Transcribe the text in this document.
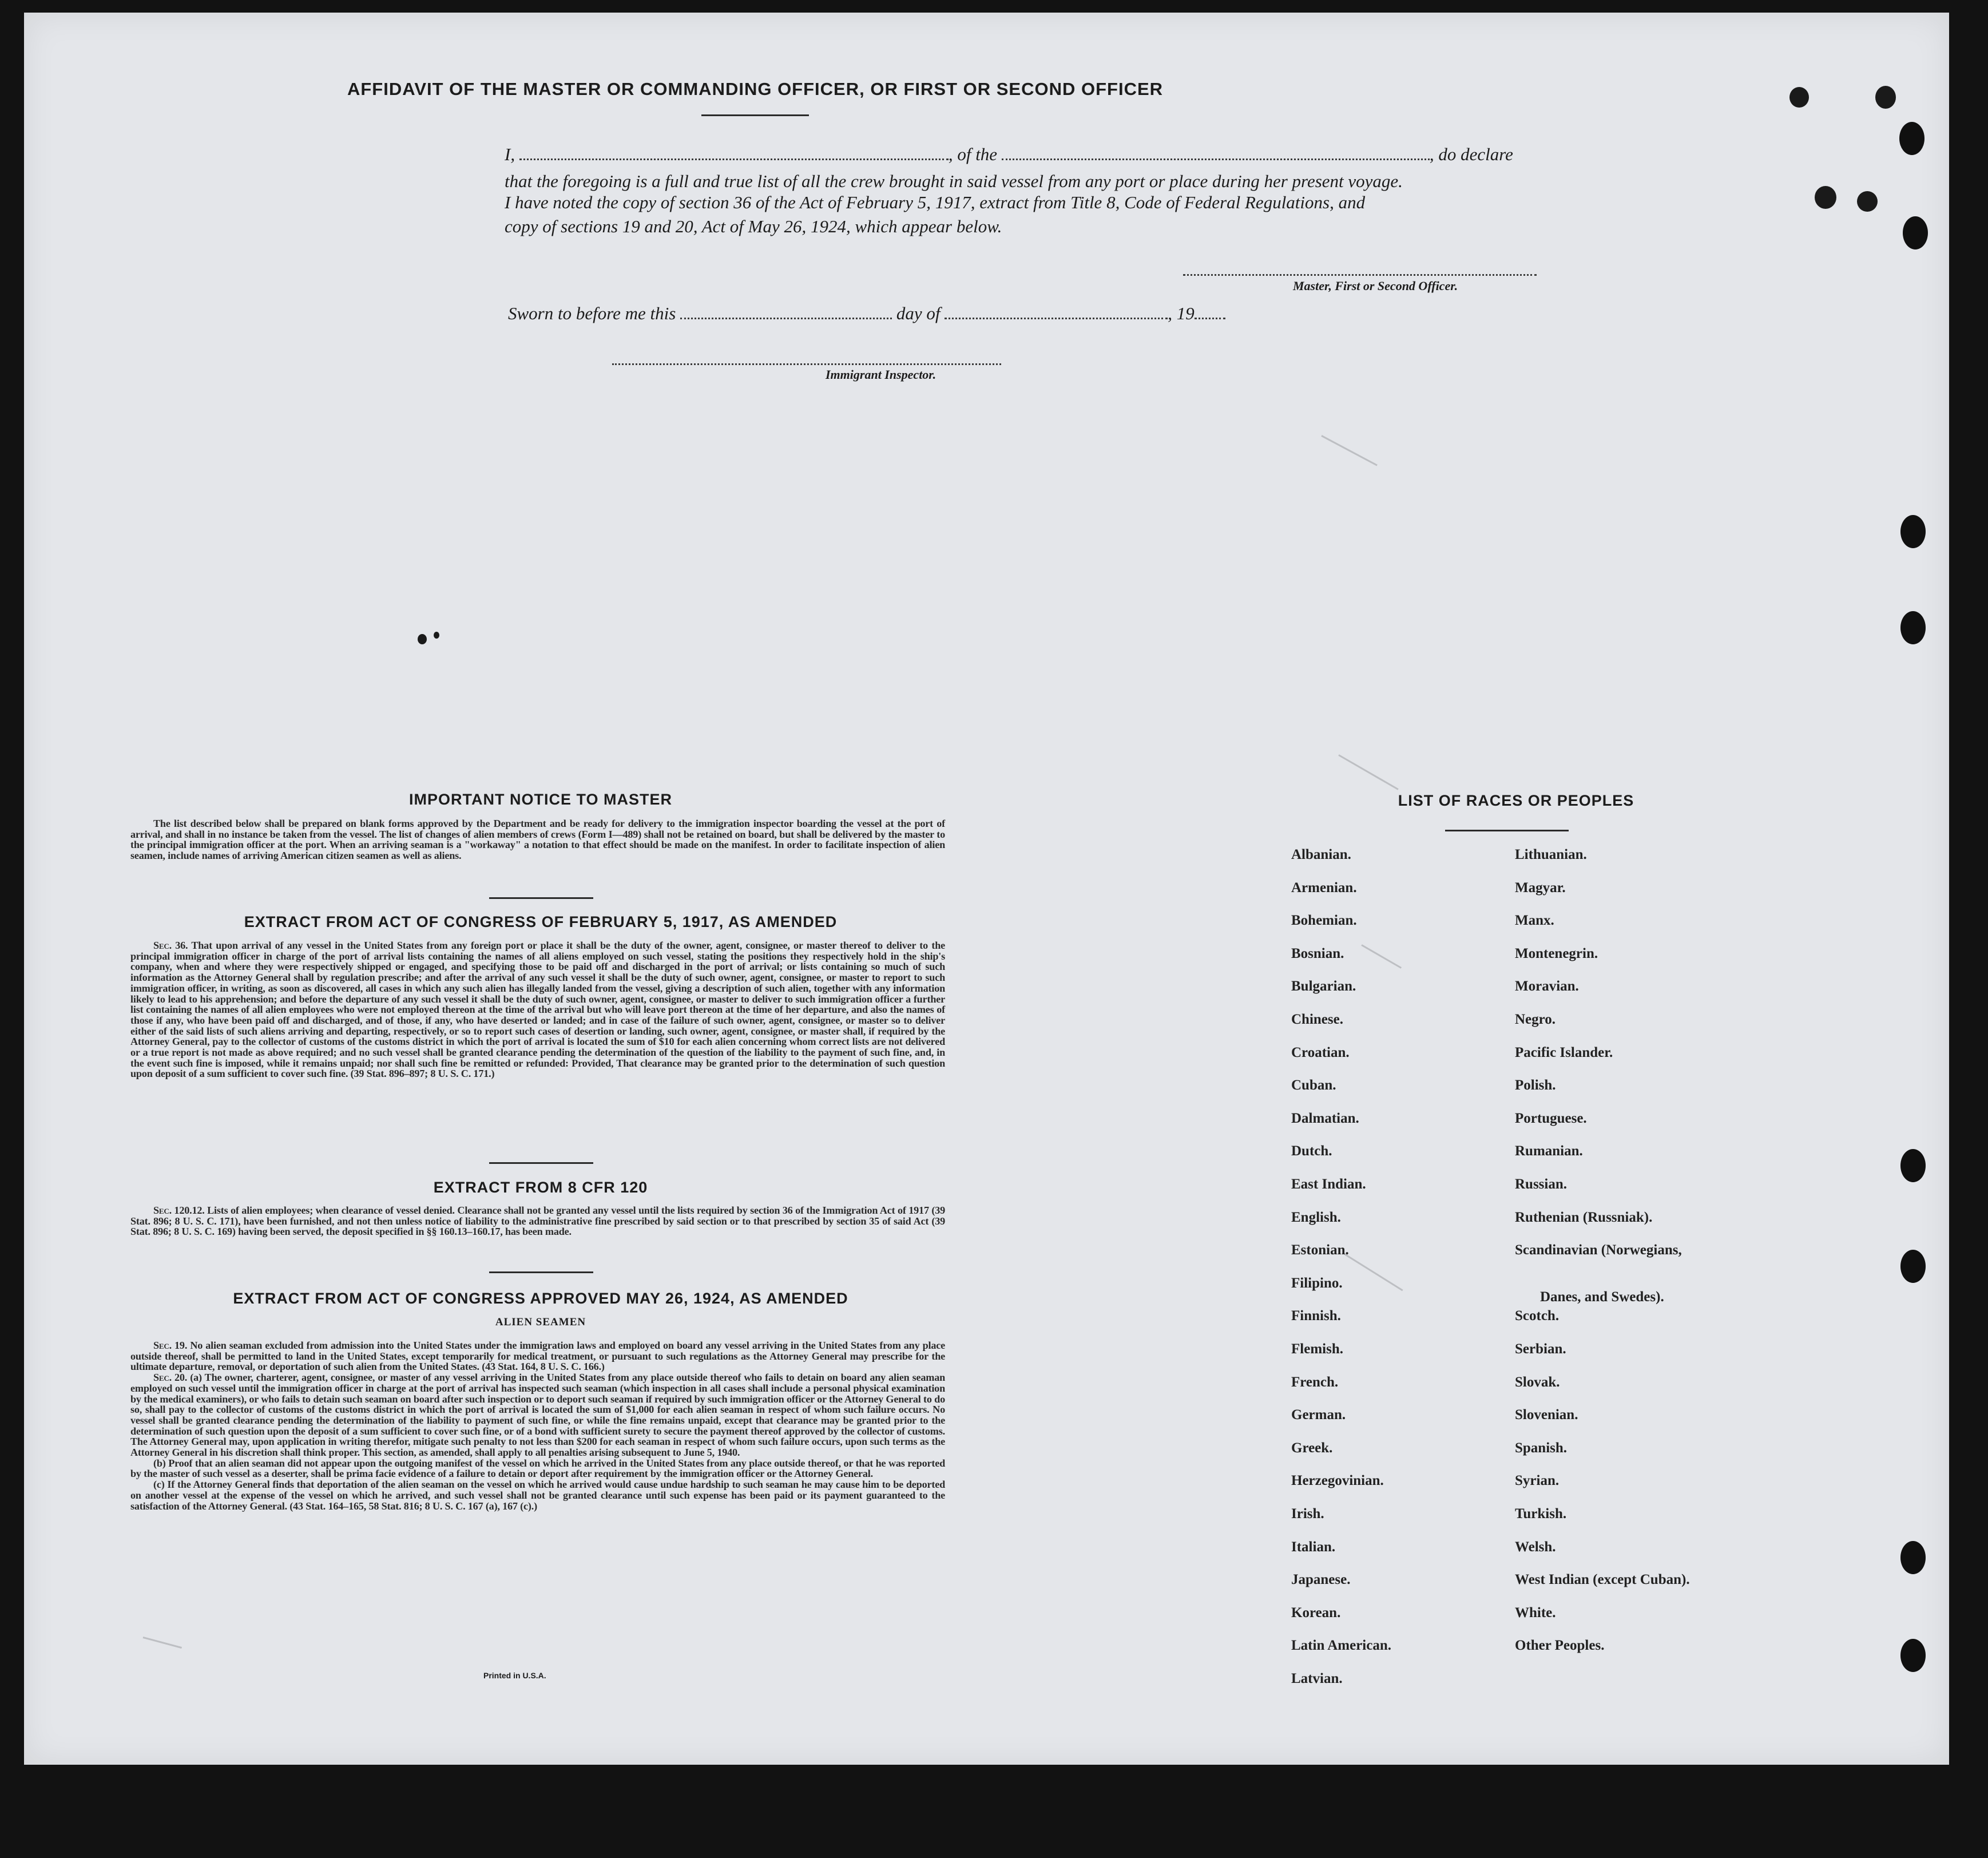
AFFIDAVIT OF THE MASTER OR COMMANDING OFFICER, OR FIRST OR SECOND OFFICER
I,	, of the	, do declare
that the foregoing is a full and true list of all the crew brought in said vessel from any port or place during her present voyage.
I have noted the copy of section 36 of the Act of February 5, 1917, extract from Title 8, Code of Federal Regulations, and
copy of sections 19 and 20, Act of May 26, 1924, which appear below.
Master, First or Second Officer.
Sworn to before me this	day of	, 19
Immigrant Inspector.
IMPORTANT NOTICE TO MASTER
The list described below shall be prepared on blank forms approved by the Department and be ready for delivery to the immigration inspector boarding the vessel at the port of arrival, and shall in no instance be taken from the vessel. The list of changes of alien members of crews (Form I—489) shall not be retained on board, but shall be delivered by the master to the principal immigration officer at the port. When an arriving seaman is a "workaway" a notation to that effect should be made on the manifest. In order to facilitate inspection of alien seamen, include names of arriving American citizen seamen as well as aliens.
EXTRACT FROM ACT OF CONGRESS OF FEBRUARY 5, 1917, AS AMENDED
Sec. 36. That upon arrival of any vessel in the United States from any foreign port or place it shall be the duty of the owner, agent, consignee, or master thereof to deliver to the principal immigration officer in charge of the port of arrival lists containing the names of all aliens employed on such vessel, stating the positions they respectively hold in the ship's company, when and where they were respectively shipped or engaged, and specifying those to be paid off and discharged in the port of arrival; or lists containing so much of such information as the Attorney General shall by regulation prescribe; and after the arrival of any such vessel it shall be the duty of such owner, agent, consignee, or master to report to such immigration officer, in writing, as soon as discovered, all cases in which any such alien has illegally landed from the vessel, giving a description of such alien, together with any information likely to lead to his apprehension; and before the departure of any such vessel it shall be the duty of such owner, agent, consignee, or master to deliver to such immigration officer a further list containing the names of all alien employees who were not employed thereon at the time of the arrival but who will leave port thereon at the time of her departure, and also the names of those if any, who have been paid off and discharged, and of those, if any, who have deserted or landed; and in case of the failure of such owner, agent, consignee, or master so to deliver either of the said lists of such aliens arriving and departing, respectively, or so to report such cases of desertion or landing, such owner, agent, consignee, or master shall, if required by the Attorney General, pay to the collector of customs of the customs district in which the port of arrival is located the sum of $10 for each alien concerning whom correct lists are not delivered or a true report is not made as above required; and no such vessel shall be granted clearance pending the determination of the question of the liability to the payment of such fine, and, in the event such fine is imposed, while it remains unpaid; nor shall such fine be remitted or refunded: Provided, That clearance may be granted prior to the determination of such question upon deposit of a sum sufficient to cover such fine. (39 Stat. 896–897; 8 U. S. C. 171.)
EXTRACT FROM 8 CFR 120
Sec. 120.12. Lists of alien employees; when clearance of vessel denied. Clearance shall not be granted any vessel until the lists required by section 36 of the Immigration Act of 1917 (39 Stat. 896; 8 U. S. C. 171), have been furnished, and not then unless notice of liability to the administrative fine prescribed by said section or to that prescribed by section 35 of said Act (39 Stat. 896; 8 U. S. C. 169) having been served, the deposit specified in §§ 160.13–160.17, has been made.
EXTRACT FROM ACT OF CONGRESS APPROVED MAY 26, 1924, AS AMENDED
ALIEN SEAMEN
Sec. 19. No alien seaman excluded from admission into the United States under the immigration laws and employed on board any vessel arriving in the United States from any place outside thereof, shall be permitted to land in the United States, except temporarily for medical treatment, or pursuant to such regulations as the Attorney General may prescribe for the ultimate departure, removal, or deportation of such alien from the United States. (43 Stat. 164, 8 U. S. C. 166.)
Sec. 20. (a) The owner, charterer, agent, consignee, or master of any vessel arriving in the United States from any place outside thereof who fails to detain on board any alien seaman employed on such vessel until the immigration officer in charge at the port of arrival has inspected such seaman (which inspection in all cases shall include a personal physical examination by the medical examiners), or who fails to detain such seaman on board after such inspection or to deport such seaman if required by such immigration officer or the Attorney General to do so, shall pay to the collector of customs of the customs district in which the port of arrival is located the sum of $1,000 for each alien seaman in respect of whom such failure occurs. No vessel shall be granted clearance pending the determination of the liability to payment of such fine, or while the fine remains unpaid, except that clearance may be granted prior to the determination of such question upon the deposit of a sum sufficient to cover such fine, or of a bond with sufficient surety to secure the payment thereof approved by the collector of customs. The Attorney General may, upon application in writing therefor, mitigate such penalty to not less than $200 for each seaman in respect of whom such failure occurs, upon such terms as the Attorney General in his discretion shall think proper. This section, as amended, shall apply to all penalties arising subsequent to June 5, 1940.
(b) Proof that an alien seaman did not appear upon the outgoing manifest of the vessel on which he arrived in the United States from any place outside thereof, or that he was reported by the master of such vessel as a deserter, shall be prima facie evidence of a failure to detain or deport after requirement by the immigration officer or the Attorney General.
(c) If the Attorney General finds that deportation of the alien seaman on the vessel on which he arrived would cause undue hardship to such seaman he may cause him to be deported on another vessel at the expense of the vessel on which he arrived, and such vessel shall not be granted clearance until such expense has been paid or its payment guaranteed to the satisfaction of the Attorney General. (43 Stat. 164–165, 58 Stat. 816; 8 U. S. C. 167 (a), 167 (c).)
Printed in U.S.A.
LIST OF RACES OR PEOPLES
Albanian.
Armenian.
Bohemian.
Bosnian.
Bulgarian.
Chinese.
Croatian.
Cuban.
Dalmatian.
Dutch.
East Indian.
English.
Estonian.
Filipino.
Finnish.
Flemish.
French.
German.
Greek.
Herzegovinian.
Irish.
Italian.
Japanese.
Korean.
Latin American.
Latvian.
Lithuanian.
Magyar.
Manx.
Montenegrin.
Moravian.
Negro.
Pacific Islander.
Polish.
Portuguese.
Rumanian.
Russian.
Ruthenian (Russniak).
Scandinavian (Norwegians,
Danes, and Swedes).
Scotch.
Serbian.
Slovak.
Slovenian.
Spanish.
Syrian.
Turkish.
Welsh.
West Indian (except Cuban).
White.
Other Peoples.
